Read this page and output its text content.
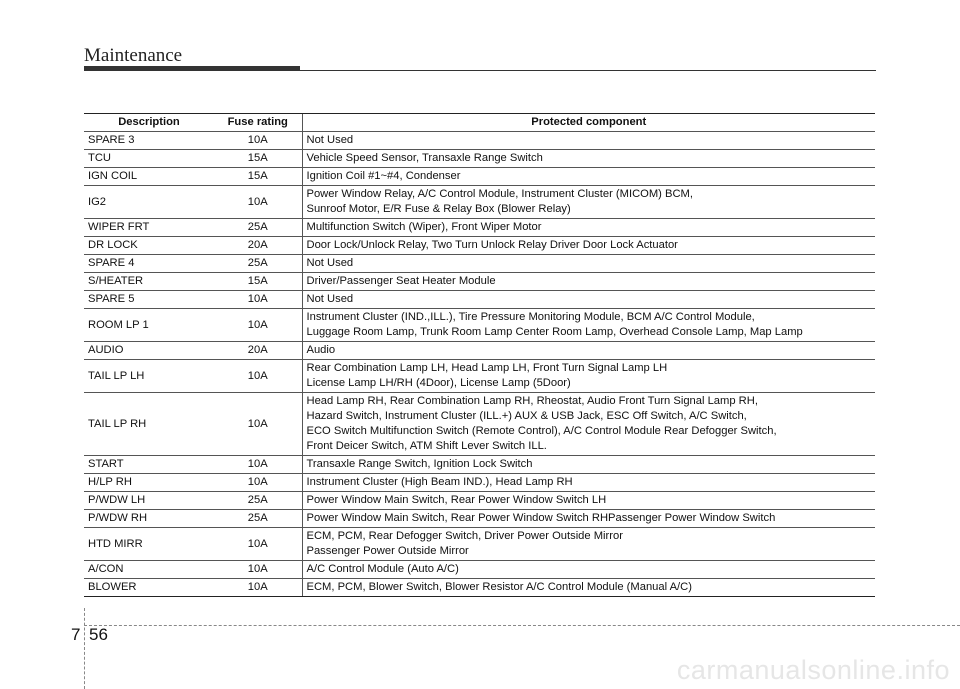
Maintenance
Description	Fuse rating	Protected component
SPARE 3	10A	Not Used

TCU	15A	Vehicle Speed Sensor, Transaxle Range Switch

IGN COIL	15A	Ignition Coil #1~#4, Condenser

IG2	10A	Power Window Relay, A/C Control Module, Instrument Cluster (MICOM) BCM,
Sunroof Motor, E/R Fuse & Relay Box (Blower Relay)

WIPER FRT	25A	Multifunction Switch (Wiper), Front Wiper Motor

DR LOCK	20A	Door Lock/Unlock Relay, Two Turn Unlock Relay Driver Door Lock Actuator

SPARE 4	25A	Not Used

S/HEATER	15A	Driver/Passenger Seat Heater Module

SPARE 5	10A	Not Used

ROOM LP 1	10A	Instrument Cluster (IND.,ILL.), Tire Pressure Monitoring Module, BCM A/C Control Module,
Luggage Room Lamp, Trunk Room Lamp Center Room Lamp, Overhead Console Lamp, Map Lamp

AUDIO	20A	Audio

TAIL LP LH	10A	Rear Combination Lamp LH, Head Lamp LH, Front Turn Signal Lamp LH
License Lamp LH/RH (4Door), License Lamp (5Door)

TAIL LP RH	10A	Head Lamp RH, Rear Combination Lamp RH, Rheostat, Audio Front Turn Signal Lamp RH,
Hazard Switch, Instrument Cluster (ILL.+) AUX & USB Jack, ESC Off Switch, A/C Switch,
ECO Switch Multifunction Switch (Remote Control), A/C Control Module Rear Defogger Switch,
Front Deicer Switch, ATM Shift Lever Switch ILL.

START	10A	Transaxle Range Switch, Ignition Lock Switch

H/LP RH	10A	Instrument Cluster (High Beam IND.), Head Lamp RH

P/WDW LH	25A	Power Window Main Switch, Rear Power Window Switch LH

P/WDW RH	25A	Power Window Main Switch, Rear Power Window Switch RHPassenger Power Window Switch

HTD MIRR	10A	ECM, PCM, Rear Defogger Switch, Driver Power Outside Mirror
Passenger Power Outside Mirror

A/CON	10A	A/C Control Module (Auto A/C)

BLOWER	10A	ECM, PCM, Blower Switch, Blower Resistor A/C Control Module (Manual A/C)
7 56
carmanualsonline.info
